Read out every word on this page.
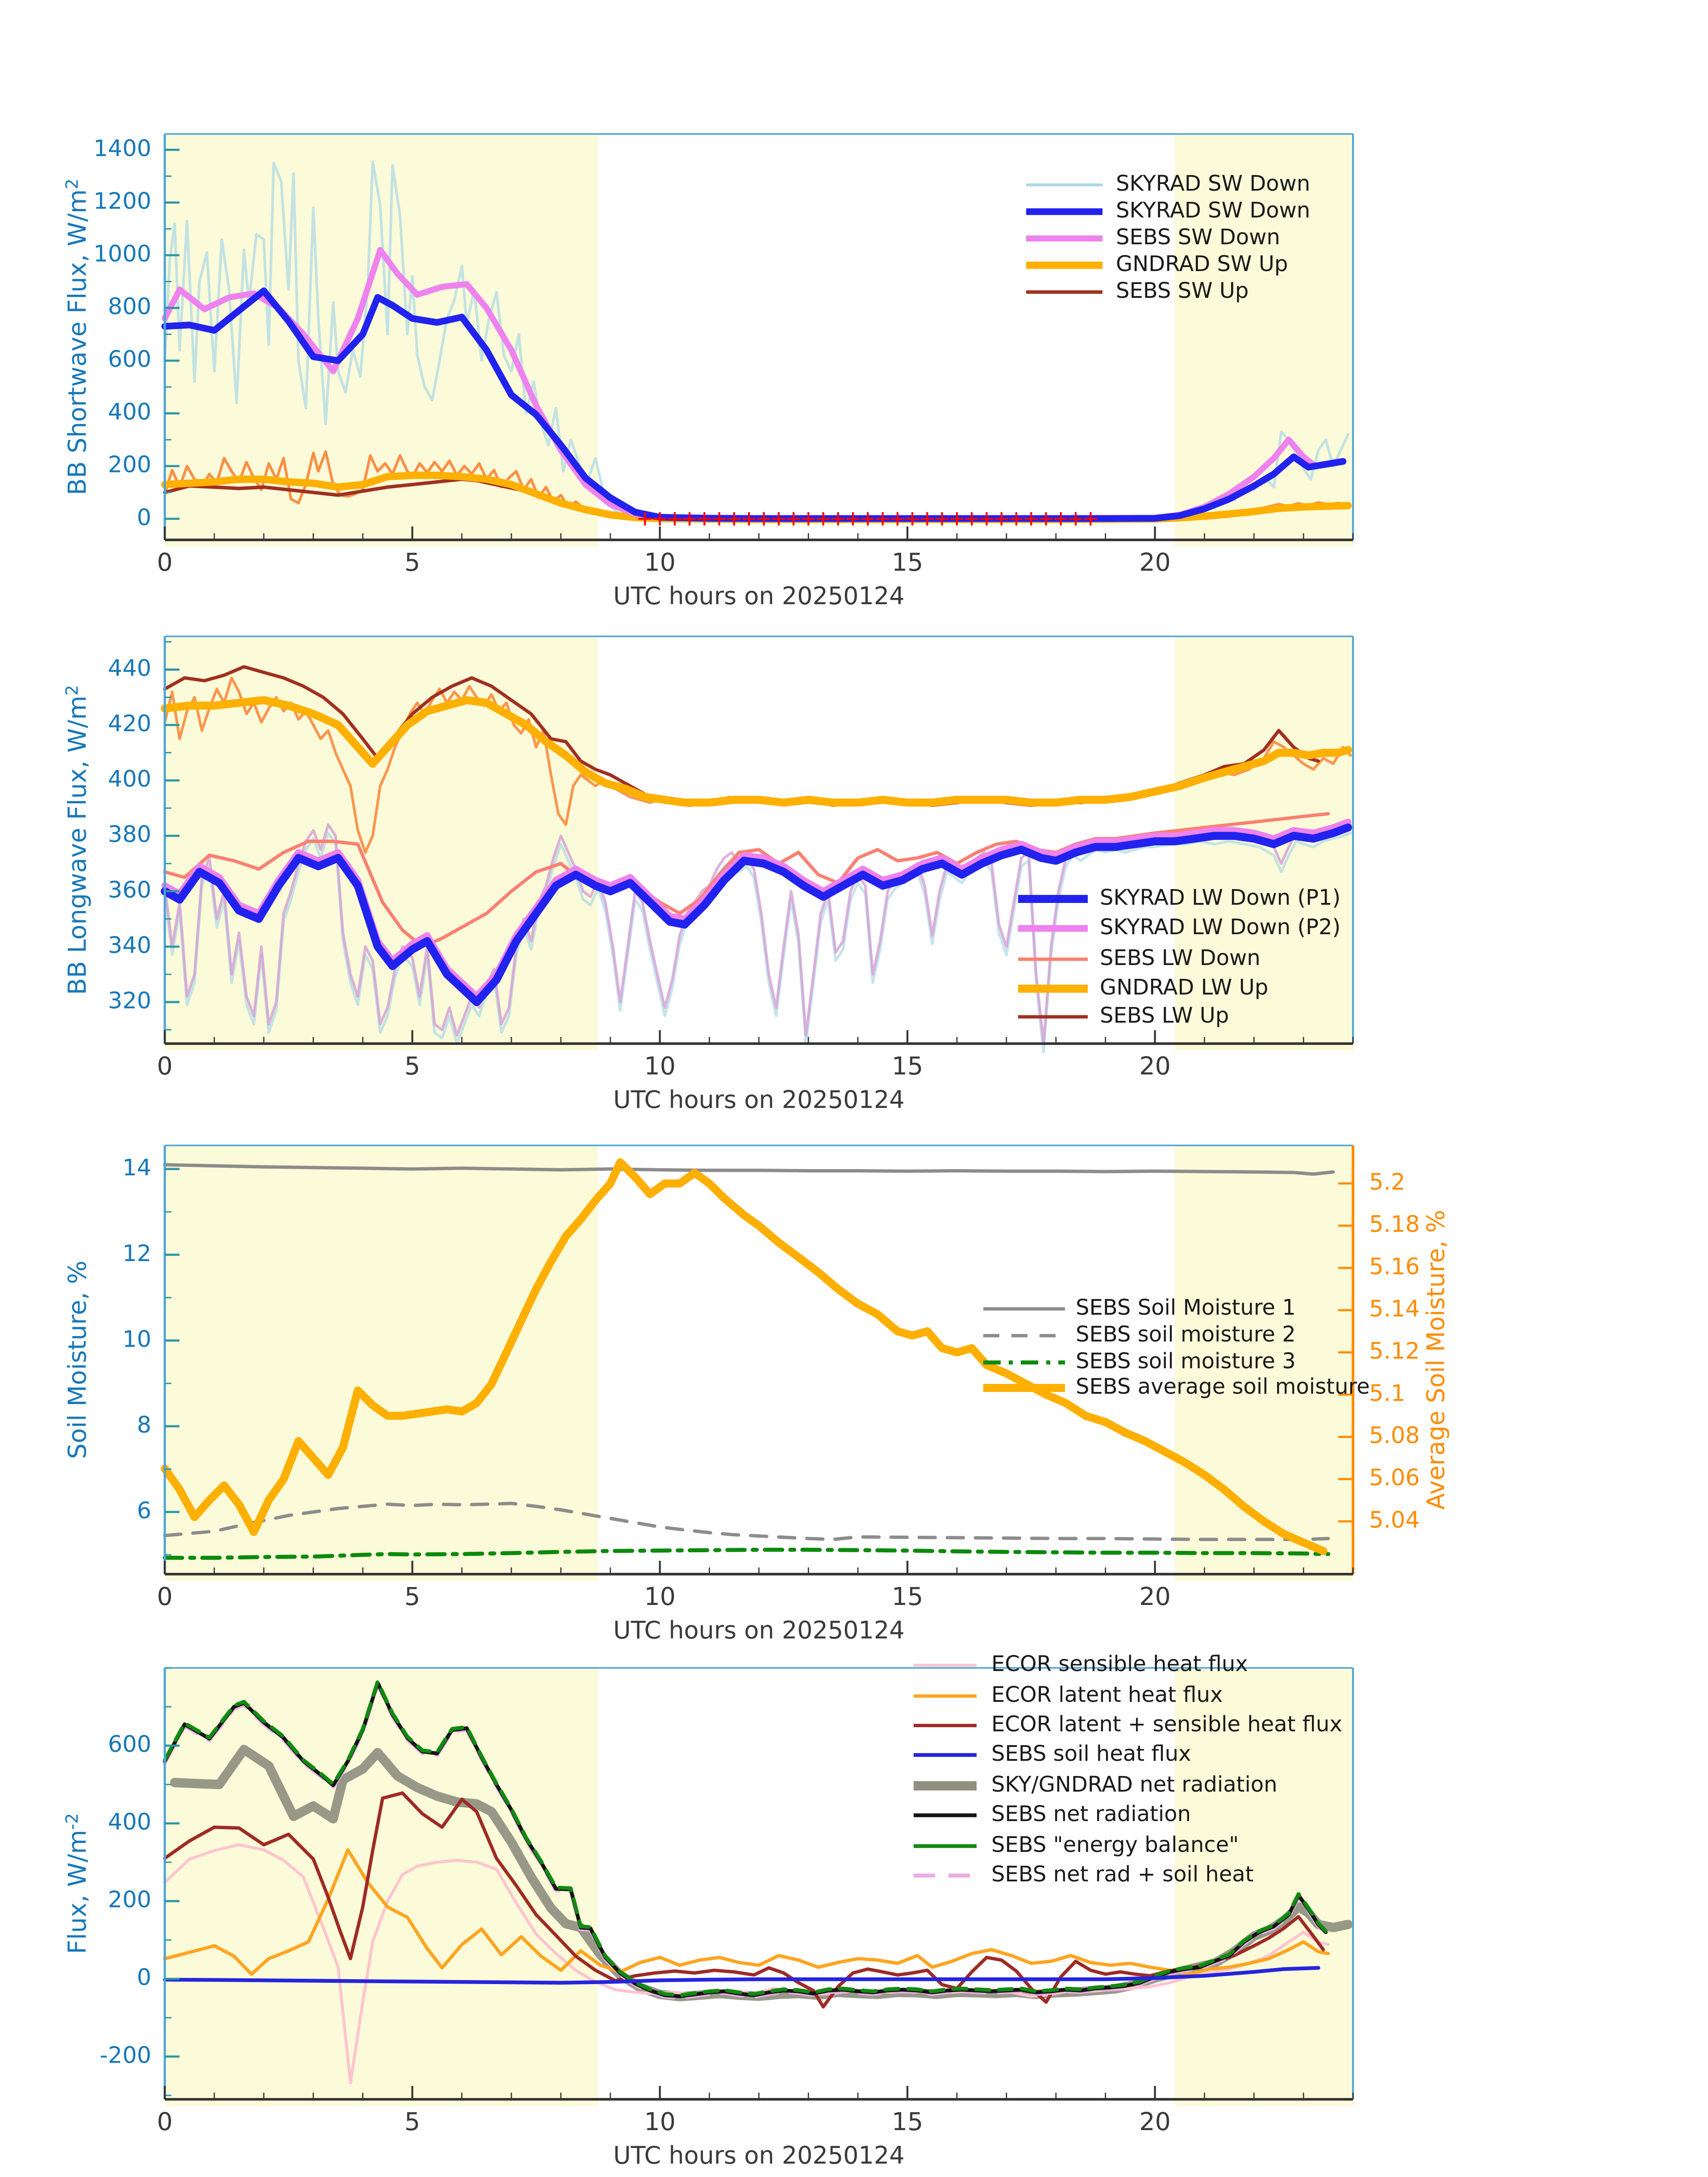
0
200
400
600
800
1000
1200
1400
0	5	10	15	20
UTC hours on 20250124
BB Shortwave Flux, $W/m^2$	SKYRAD SW Down
SKYRAD SW Down
SEBS SW Down
GNDRAD SW Up
SEBS SW Up
320
340
360
380
400
420
440
0	5	10	15	20
UTC hours on 20250124
BB Longwave Flux, $W/m^2$
SKYRAD LW Down (P1)
SKYRAD LW Down (P2)
SEBS LW Down
GNDRAD LW Up
SEBS LW Up
6
8
10
12
14
5.04
5.06
5.08
5.1
5.12
5.14
5.16
5.18
5.2
Average Soil Moisture, %
0	5	10	15	20
UTC hours on 20250124
Soil Moisture, %	SEBS Soil Moisture 1
SEBS soil moisture 2
SEBS soil moisture 3
SEBS average soil moisture
-200
0
200
400
600
0	5	10	15	20
UTC hours on 20250124
Flux, $W/m^{-2}$
ECOR sensible heat flux
ECOR latent heat flux
ECOR latent + sensible heat flux
SEBS soil heat flux
SKY/GNDRAD net radiation
SEBS net radiation
SEBS "energy balance"
SEBS net rad + soil heat
